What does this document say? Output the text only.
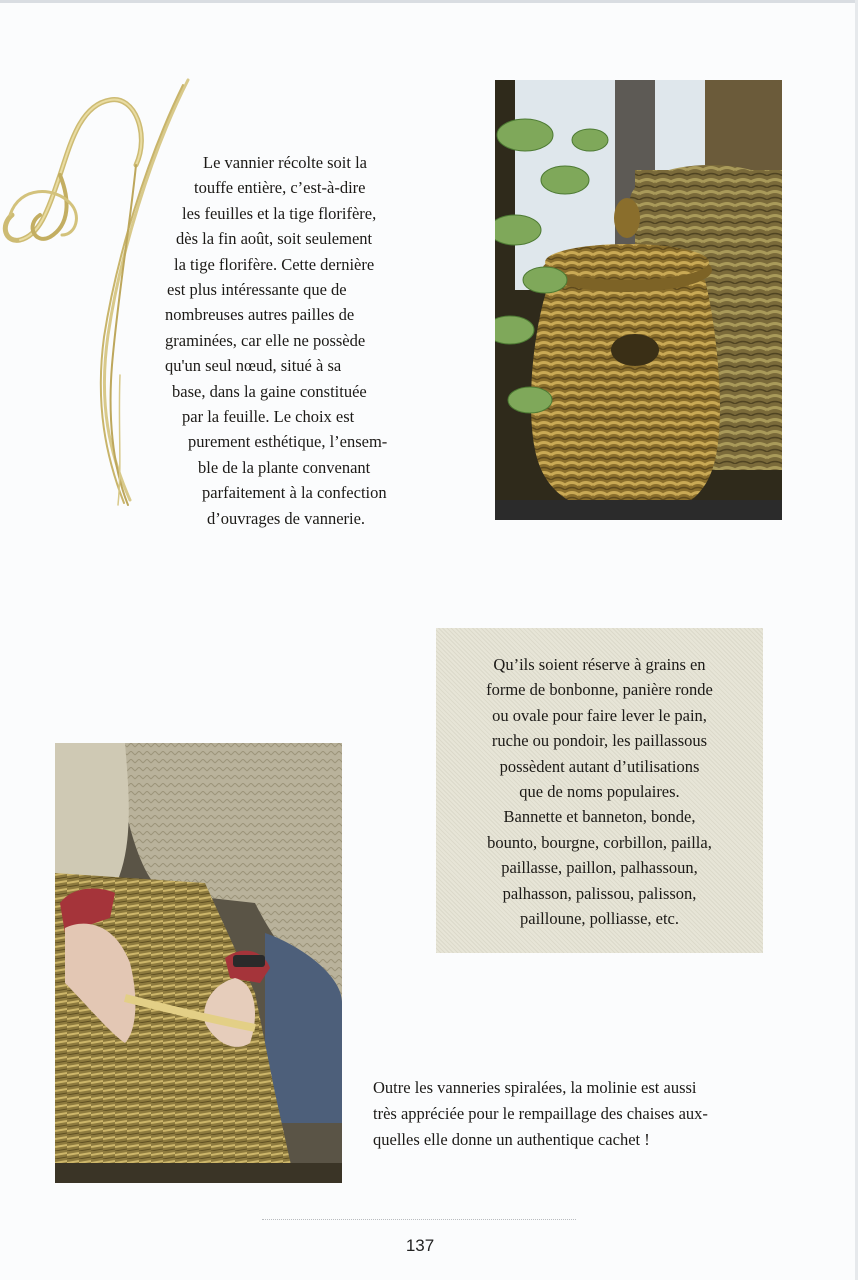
Le vannier récolte soit la
touffe entière, c’est-à-dire
les feuilles et la tige florifère,
dès la fin août, soit seulement
la tige florifère. Cette dernière
est plus intéressante que de
nombreuses autres pailles de
graminées, car elle ne possède
qu'un seul nœud, situé à sa
base, dans la gaine constituée
par la feuille. Le choix est
purement esthétique, l’ensem-
ble de la plante convenant
parfaitement à la confection
d’ouvrages de vannerie.

Qu’ils soient réserve à grains en
forme de bonbonne, panière ronde
ou ovale pour faire lever le pain,
ruche ou pondoir, les paillassous
possèdent autant d’utilisations
que de noms populaires.
Bannette et banneton, bonde,
bounto, bourgne, corbillon, pailla,
paillasse, paillon, palhassoun,
palhasson, palissou, palisson,
pailloune, polliasse, etc.

Outre les vanneries spiralées, la molinie est aussi
très appréciée pour le rempaillage des chaises aux-
quelles elle donne un authentique cachet !

137
